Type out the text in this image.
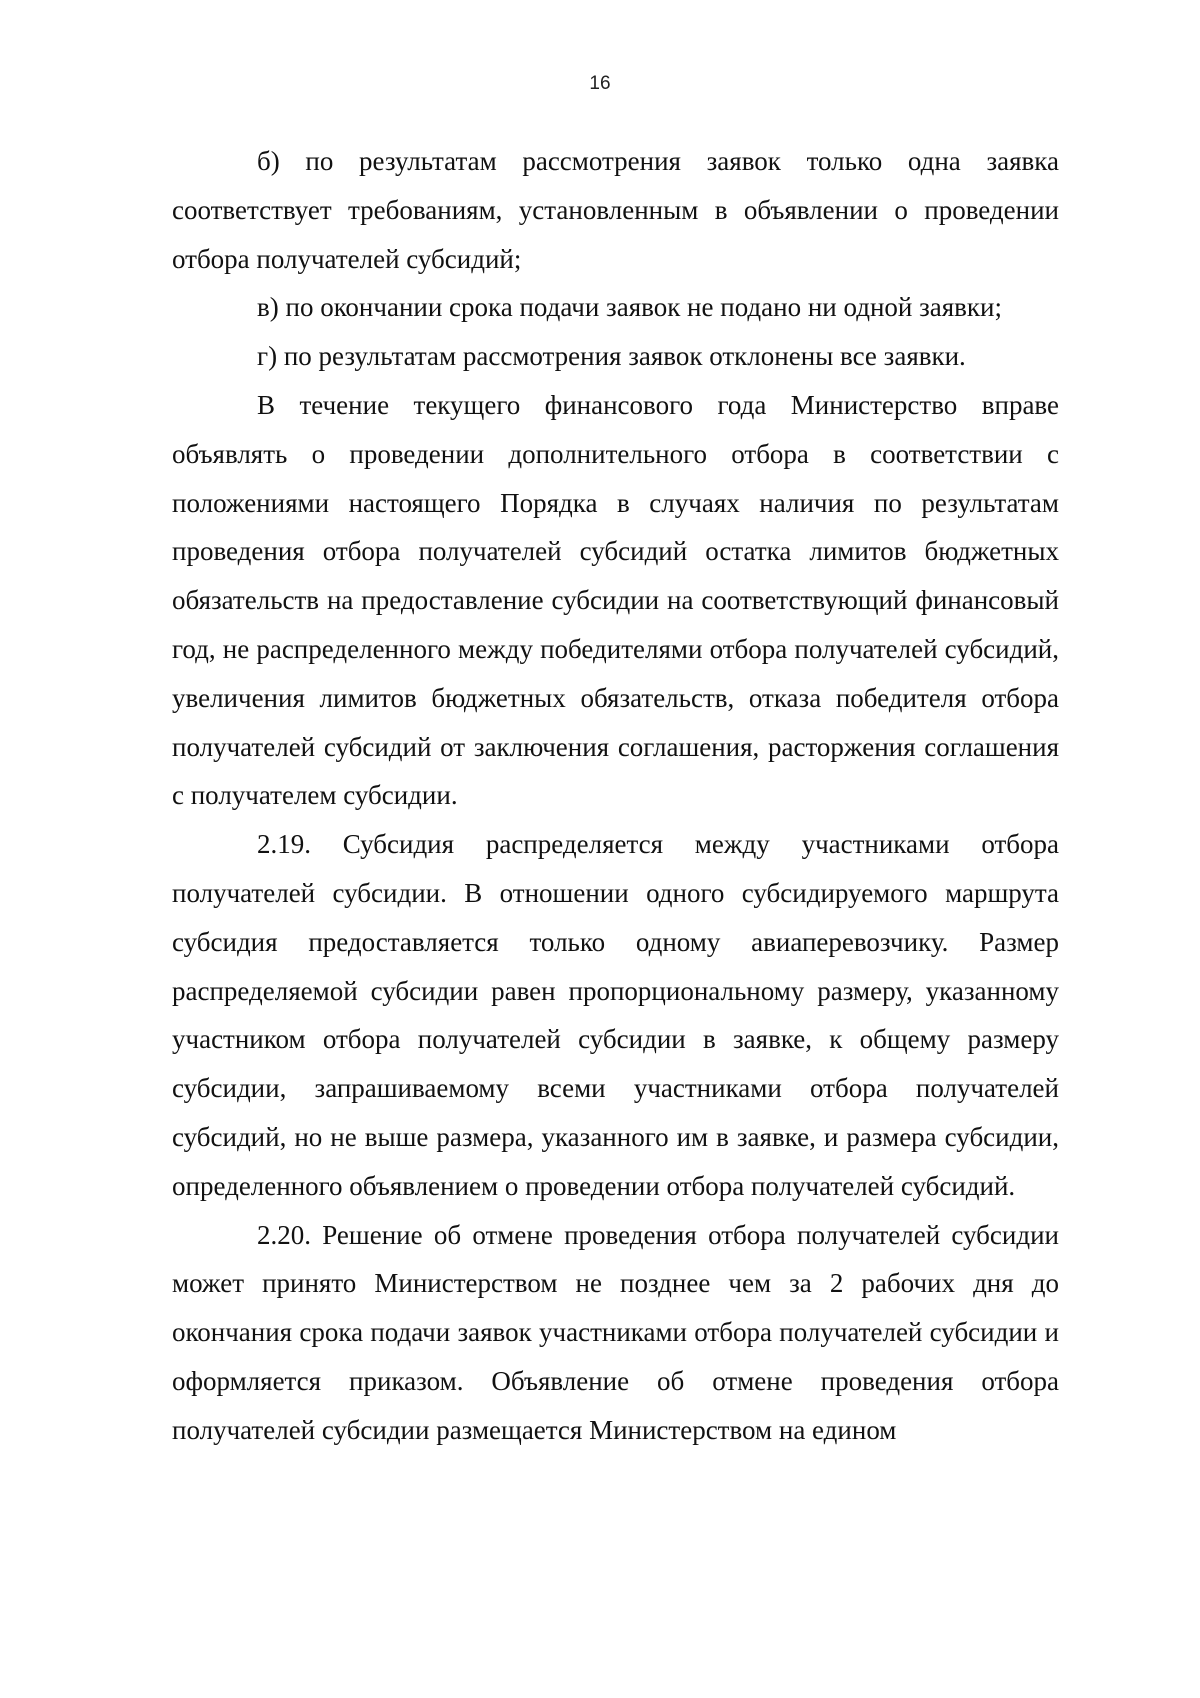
16

б) по результатам рассмотрения заявок только одна заявка соответствует требованиям, установленным в объявлении о проведении отбора получателей субсидий;

в) по окончании срока подачи заявок не подано ни одной заявки;

г) по результатам рассмотрения заявок отклонены все заявки.

В течение текущего финансового года Министерство вправе объявлять о проведении дополнительного отбора в соответствии с положениями настоящего Порядка в случаях наличия по результатам проведения отбора получателей субсидий остатка лимитов бюджетных обязательств на предоставление субсидии на соответствующий финансовый год, не распределенного между победителями отбора получателей субсидий, увеличения лимитов бюджетных обязательств, отказа победителя отбора получателей субсидий от заключения соглашения, расторжения соглашения с получателем субсидии.

2.19. Субсидия распределяется между участниками отбора получателей субсидии. В отношении одного субсидируемого маршрута субсидия предоставляется только одному авиаперевозчику. Размер распределяемой субсидии равен пропорциональному размеру, указанному участником отбора получателей субсидии в заявке, к общему размеру субсидии, запрашиваемому всеми участниками отбора получателей субсидий, но не выше размера, указанного им в заявке, и размера субсидии, определенного объявлением о проведении отбора получателей субсидий.

2.20. Решение об отмене проведения отбора получателей субсидии может принято Министерством не позднее чем за 2 рабочих дня до окончания срока подачи заявок участниками отбора получателей субсидии и оформляется приказом. Объявление об отмене проведения отбора получателей субсидии размещается Министерством на едином
